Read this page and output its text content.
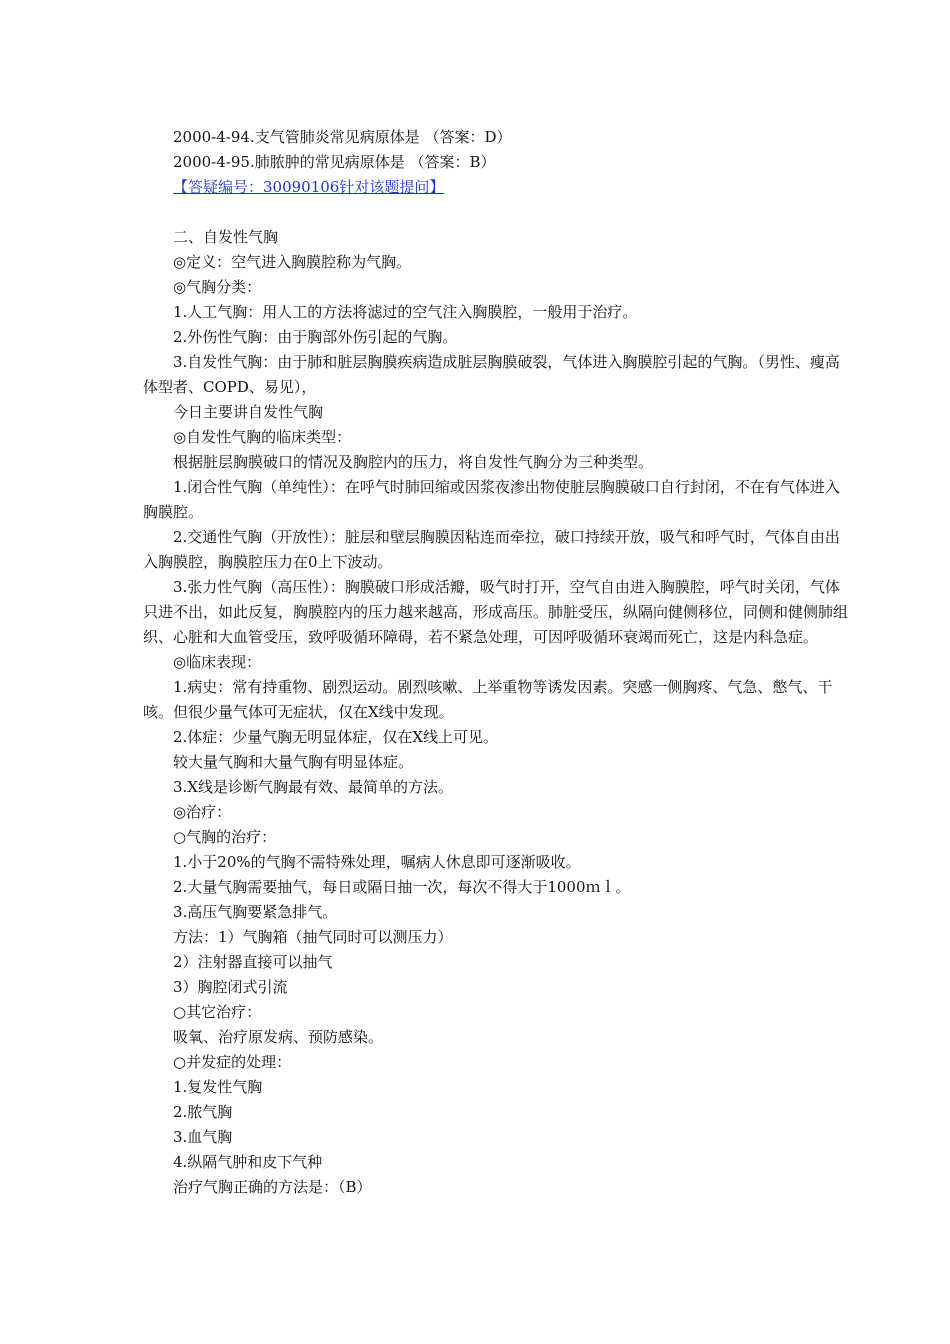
2000-4-94.支气管肺炎常见病原体是 （答案：D）

2000-4-95.肺脓肿的常见病原体是 （答案：B）

【答疑编号：30090106针对该题提问】

二、自发性气胸

◎定义：空气进入胸膜腔称为气胸。

◎气胸分类：

1.人工气胸：用人工的方法将滤过的空气注入胸膜腔，一般用于治疗。

2.外伤性气胸：由于胸部外伤引起的气胸。

3.自发性气胸：由于肺和脏层胸膜疾病造成脏层胸膜破裂，气体进入胸膜腔引起的气胸。（男性、瘦高体型者、COPD、易见），

今日主要讲自发性气胸

◎自发性气胸的临床类型：

根据脏层胸膜破口的情况及胸腔内的压力，将自发性气胸分为三种类型。

1.闭合性气胸（单纯性）：在呼气时肺回缩或因浆夜渗出物使脏层胸膜破口自行封闭，不在有气体进入胸膜腔。

2.交通性气胸（开放性）：脏层和壁层胸膜因粘连而牵拉，破口持续开放，吸气和呼气时，气体自由出入胸膜腔，胸膜腔压力在0上下波动。

3.张力性气胸（高压性）：胸膜破口形成活瓣，吸气时打开，空气自由进入胸膜腔，呼气时关闭，气体只进不出，如此反复，胸膜腔内的压力越来越高，形成高压。肺脏受压，纵隔向健侧移位，同侧和健侧肺组织、心脏和大血管受压，致呼吸循环障碍，若不紧急处理，可因呼吸循环衰竭而死亡，这是内科急症。

◎临床表现：

1.病史：常有持重物、剧烈运动。剧烈咳嗽、上举重物等诱发因素。突感一侧胸疼、气急、憋气、干咳。但很少量气体可无症状，仅在X线中发现。

2.体症：少量气胸无明显体症，仅在X线上可见。

较大量气胸和大量气胸有明显体症。

3.X线是诊断气胸最有效、最简单的方法。

◎治疗：

○气胸的治疗：

1.小于20%的气胸不需特殊处理，嘱病人休息即可逐渐吸收。

2.大量气胸需要抽气，每日或隔日抽一次，每次不得大于1000ｍｌ。

3.高压气胸要紧急排气。

方法：1）气胸箱（抽气同时可以测压力）

2）注射器直接可以抽气

3）胸腔闭式引流

○其它治疗：

吸氧、治疗原发病、预防感染。

○并发症的处理：

1.复发性气胸

2.脓气胸

3.血气胸

4.纵隔气肿和皮下气种

治疗气胸正确的方法是：（B）
